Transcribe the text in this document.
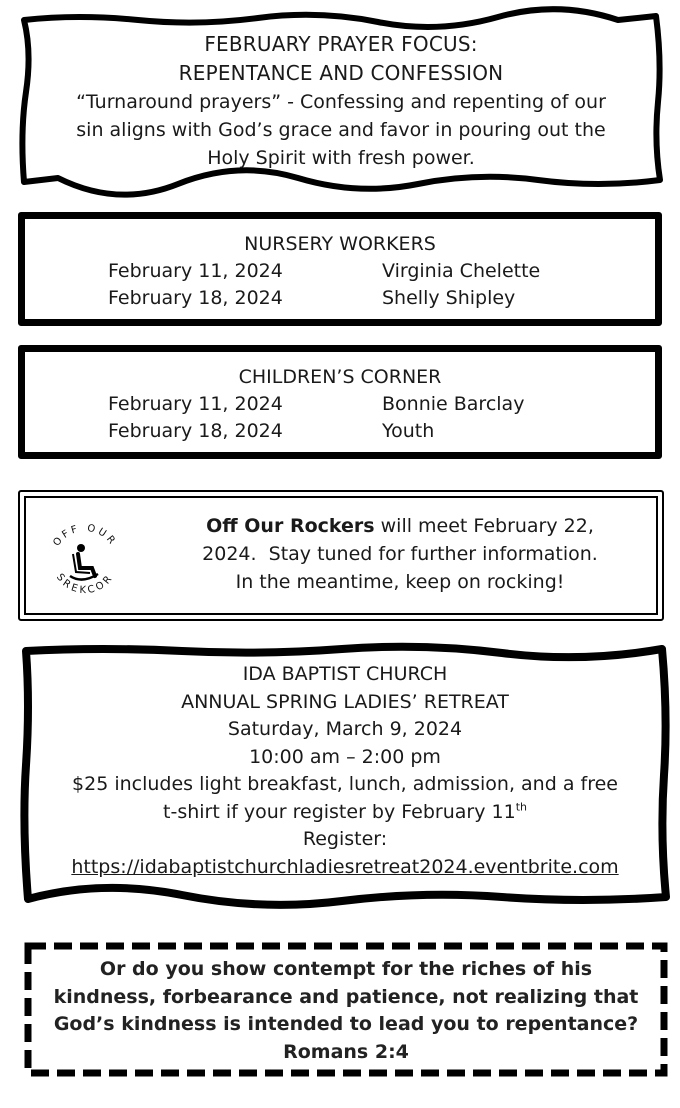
FEBRUARY PRAYER FOCUS:
REPENTANCE AND CONFESSION
“Turnaround prayers” - Confessing and repenting of our
sin aligns with God’s grace and favor in pouring out the
Holy Spirit with fresh power.
NURSERY WORKERS
February 11, 2024	Virginia Chelette
February 18, 2024	Shelly Shipley
CHILDREN’S CORNER
February 11, 2024	Bonnie Barclay
February 18, 2024	Youth
Off Our Rockers will meet February 22,
2024.  Stay tuned for further information.
In the meantime, keep on rocking!
OFF OUR
SREKCOR
IDA BAPTIST CHURCH
ANNUAL SPRING LADIES’ RETREAT
Saturday, March 9, 2024
10:00 am – 2:00 pm
$25 includes light breakfast, lunch, admission, and a free
t-shirt if your register by February 11th
Register:
https://idabaptistchurchladiesretreat2024.eventbrite.com
Or do you show contempt for the riches of his
kindness, forbearance and patience, not realizing that
God’s kindness is intended to lead you to repentance?
Romans 2:4
